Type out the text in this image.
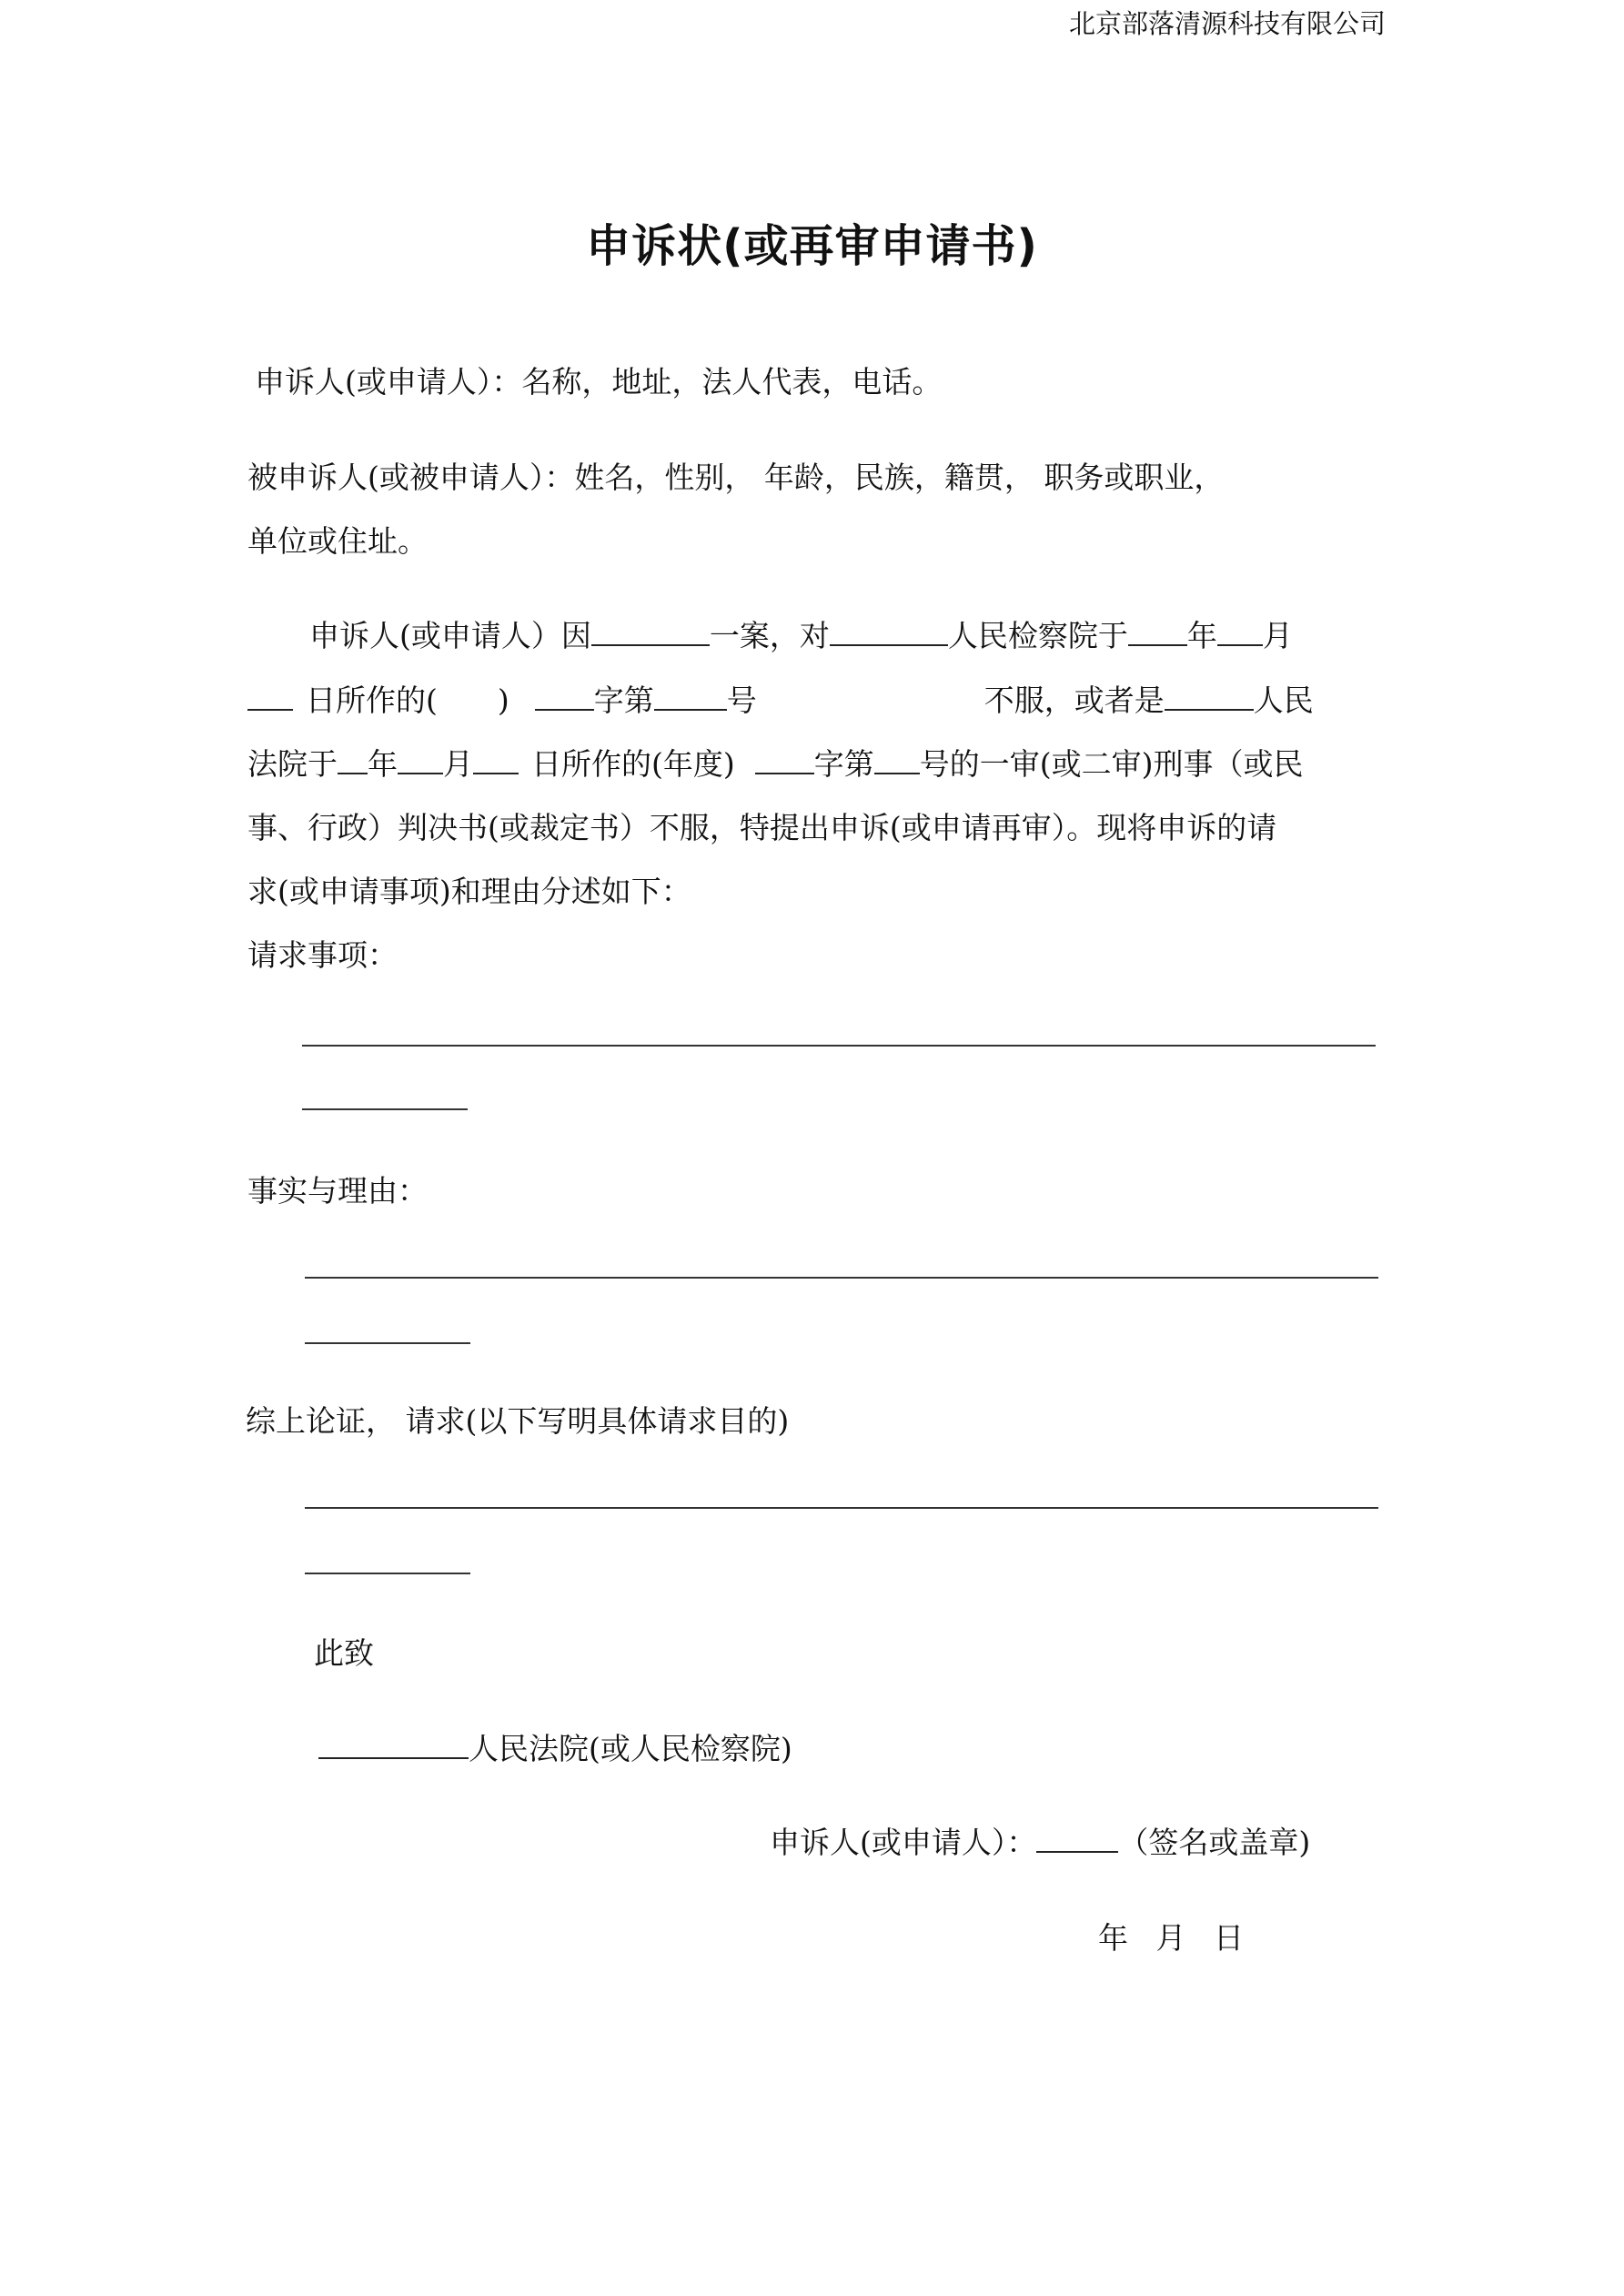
北京部落清源科技有限公司
申诉状(或再审申请书)
申诉人(或申请人）：名称，地址，法人代表，电话。
被申诉人(或被申请人）：姓名，性别， 年龄，民族，籍贯， 职务或职业，
单位或住址。
申诉人(或申请人）因	一案，对	人民检察院于 年 月
日所作的( )	字第 号	不服，或者是	人民
法院于 年 月 日所作的(年度)	字第 号的一审(或二审)刑事（或民
事、行政）判决书(或裁定书）不服，特提出申诉(或申请再审）。现将申诉的请
求(或申请事项)和理由分述如下：
请求事项：
事实与理由：
综上论证， 请求(以下写明具体请求目的)
此致
人民法院(或人民检察院)
申诉人(或申请人）：	（签名或盖章)
年 月 日
